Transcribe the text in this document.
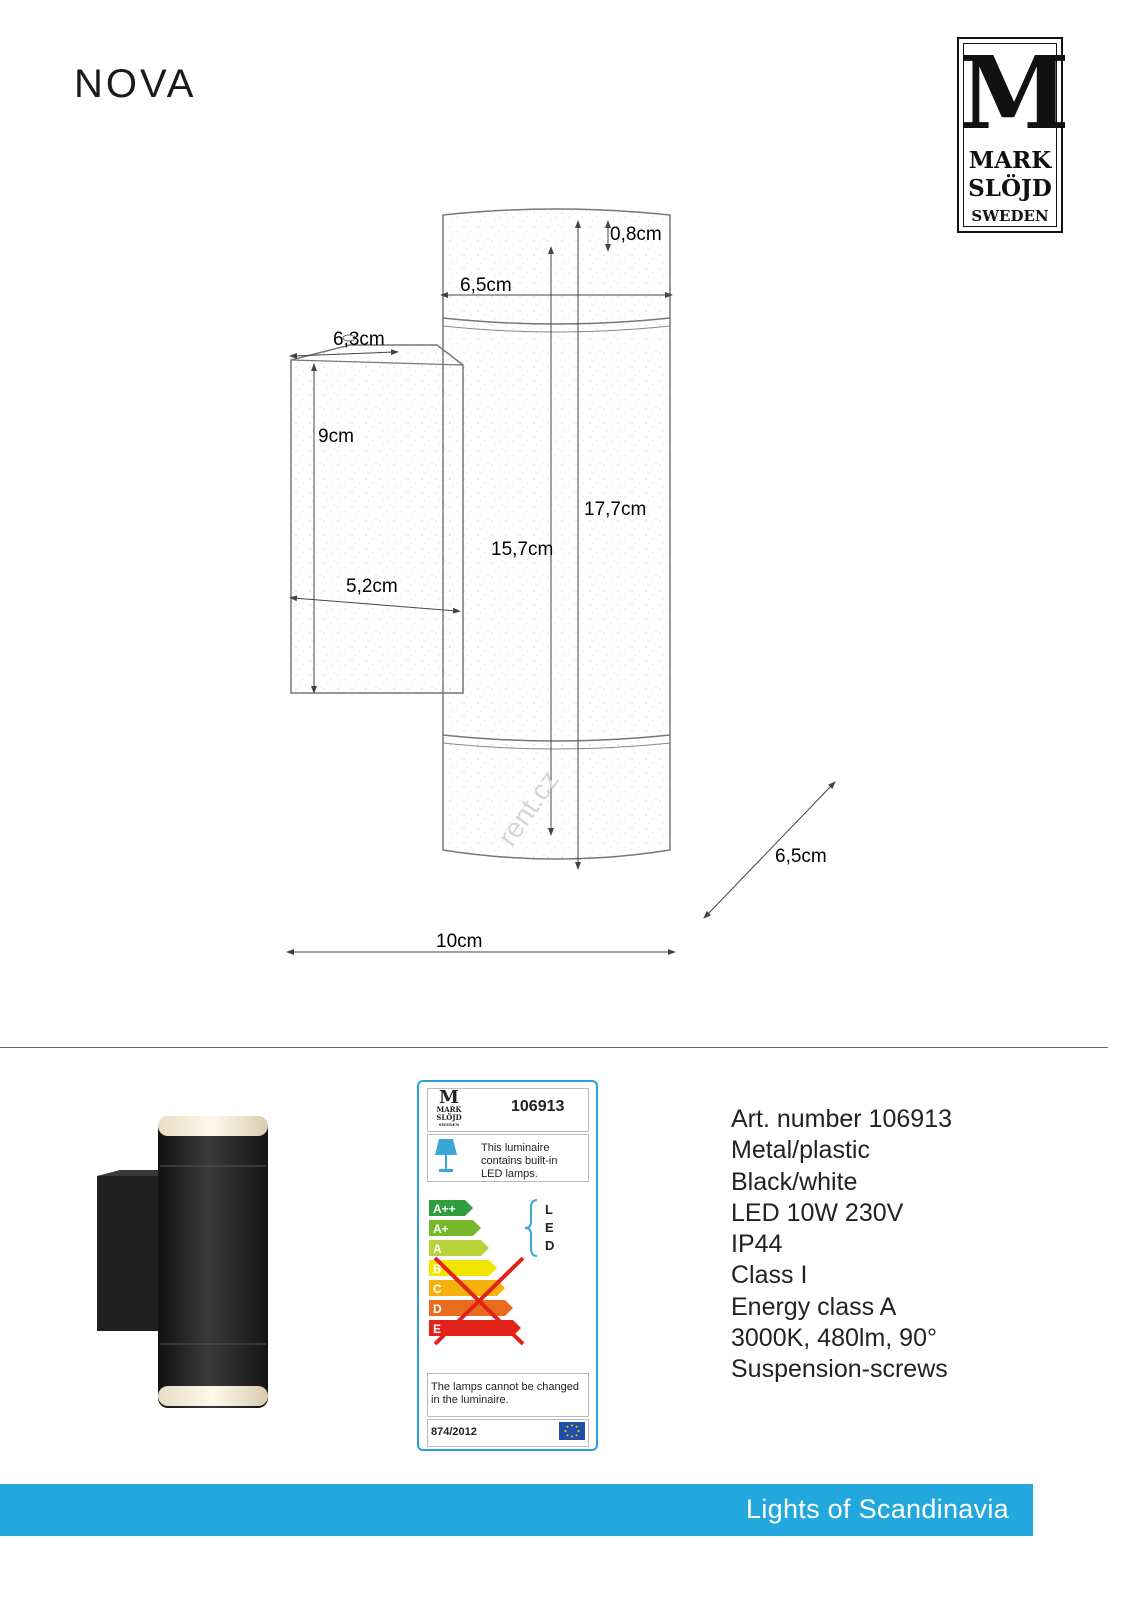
NOVA	M
MARK
SLÖJD
SWEDEN
0,8cm
6,5cm
6,3cm
9cm
17,7cm
15,7cm
5,2cm
6,5cm
10cm
rent.cz
M
MARK
SLÖJD
SWEDEN
106913
This luminaire
contains built-in
LED lamps.
A++
A+
A
B
C
D
E
L
E
D
The lamps cannot be changed
in the luminaire.
874/2012
Art. number 106913
Metal/plastic
Black/white
LED 10W 230V
IP44
Class I
Energy class A
3000K, 480lm, 90°
Suspension-screws
Lights of Scandinavia
